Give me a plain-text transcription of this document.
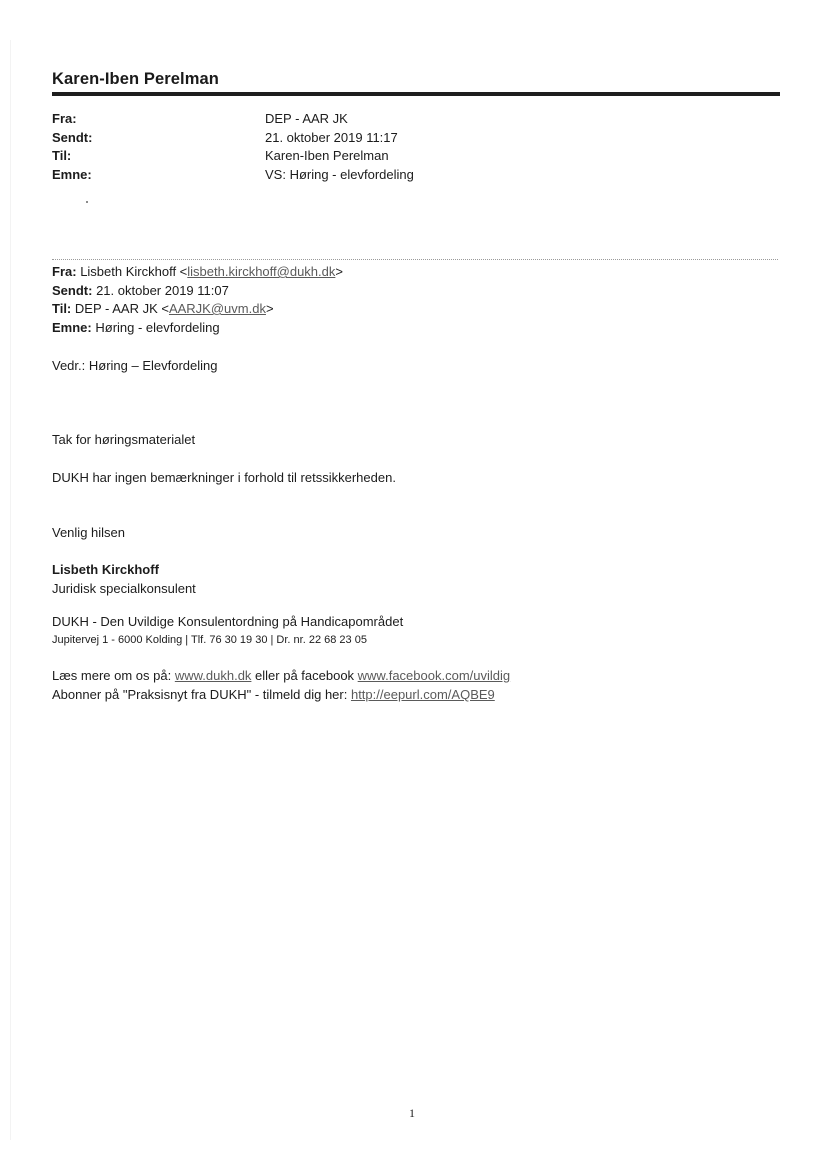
Karen-Iben Perelman
Fra:	DEP - AAR JK
Sendt:	21. oktober 2019 11:17
Til:	Karen-Iben Perelman
Emne:	VS: Høring - elevfordeling
Fra: Lisbeth Kirckhoff <lisbeth.kirckhoff@dukh.dk>
Sendt: 21. oktober 2019 11:07
Til: DEP - AAR JK <AARJK@uvm.dk>
Emne: Høring - elevfordeling
Vedr.: Høring – Elevfordeling
Tak for høringsmaterialet
DUKH har ingen bemærkninger i forhold til retssikkerheden.
Venlig hilsen
Lisbeth Kirckhoff
Juridisk specialkonsulent
DUKH - Den Uvildige Konsulentordning på Handicapområdet
Jupitervej 1 - 6000 Kolding | Tlf. 76 30 19 30 | Dr. nr. 22 68 23 05
Læs mere om os på: www.dukh.dk eller på facebook www.facebook.com/uvildig
Abonner på "Praksisnyt fra DUKH" - tilmeld dig her: http://eepurl.com/AQBE9
1
